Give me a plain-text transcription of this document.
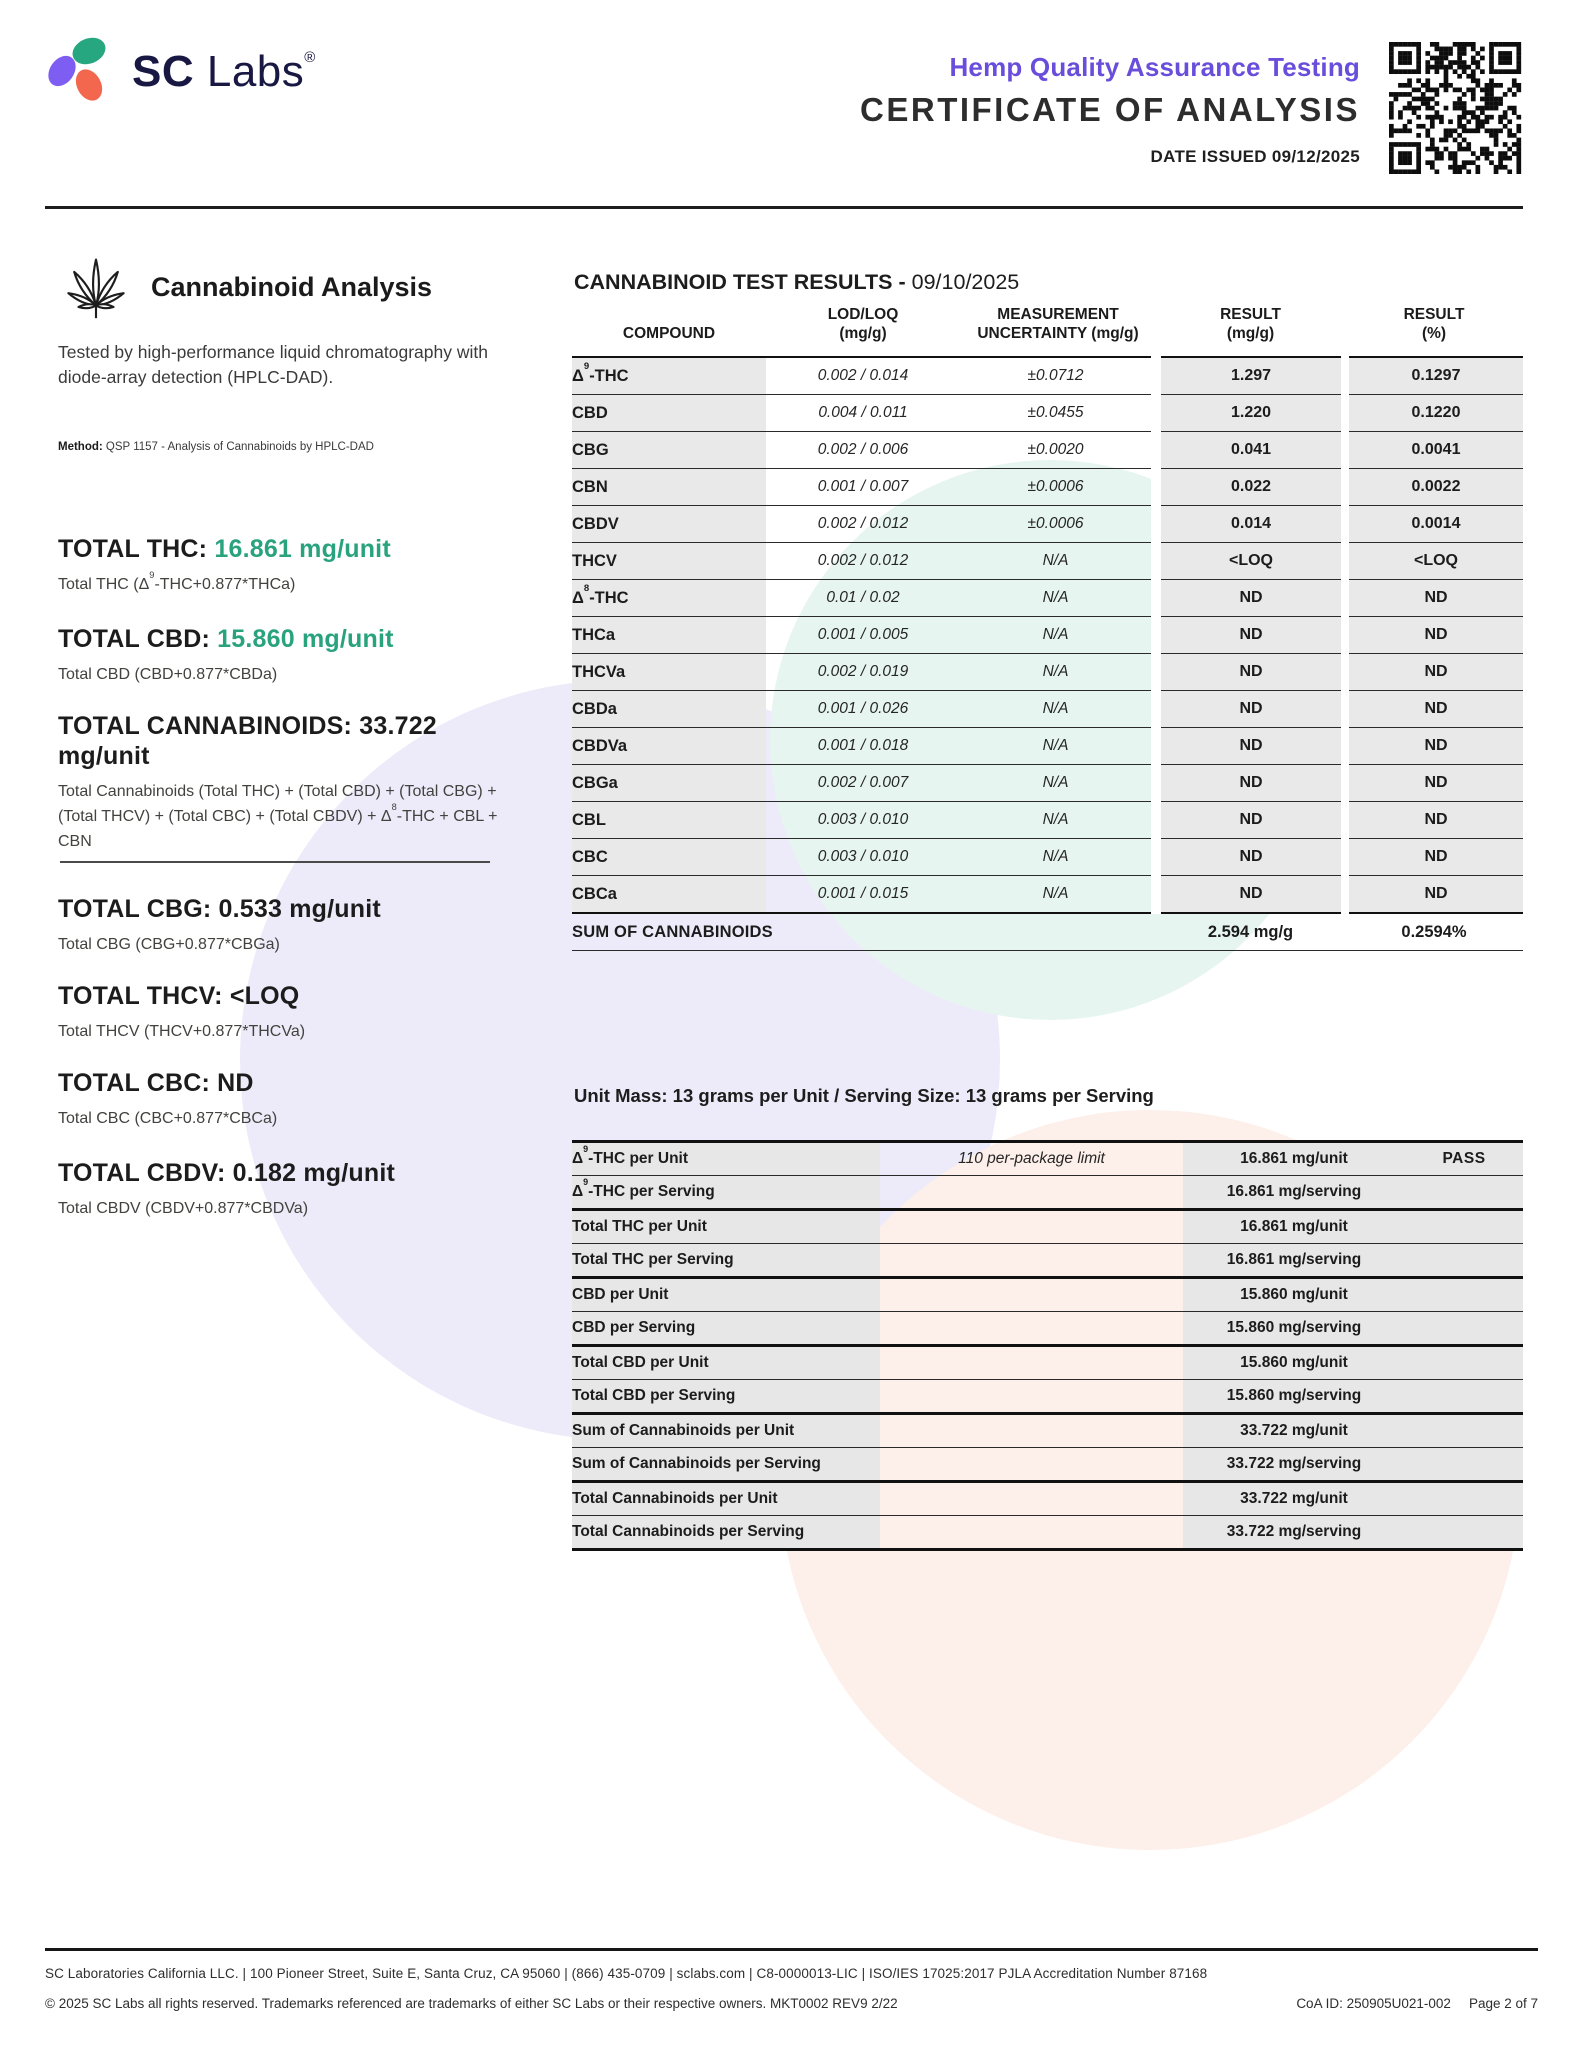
SC Labs®	Hemp Quality Assurance Testing
CERTIFICATE OF ANALYSIS
DATE ISSUED 09/12/2025
Cannabinoid Analysis
Tested by high-performance liquid chromatography with diode-array detection (HPLC-DAD).
Method: QSP 1157 - Analysis of Cannabinoids by HPLC-DAD
TOTAL THC: 16.861 mg/unit
Total THC $(\Delta^9-THC+0.877*THCa)$
TOTAL CBD: 15.860 mg/unit
Total CBD (CBD+0.877*CBDa)
TOTAL CANNABINOIDS: 33.722 mg/unit
Total Cannabinoids (Total THC) + (Total CBD) + (Total CBG) + (Total THCV) + (Total CBC) + (Total CBDV) + $\Delta^8$-THC + CBL + CBN
TOTAL CBG: 0.533 mg/unit
Total CBG (CBG+0.877*CBGa)
TOTAL THCV: <LOQ
Total THCV (THCV+0.877*THCVa)
TOTAL CBC: ND
Total CBC (CBC+0.877*CBCa)
TOTAL CBDV: 0.182 mg/unit
Total CBDV (CBDV+0.877*CBDVa)
CANNABINOID TEST RESULTS - 09/10/2025
COMPOUND

LOD/LOQ
(mg/g)

MEASUREMENT
UNCERTAINTY (mg/g)

RESULT
(mg/g)

RESULT
(%)

$\Delta^9$-THC	0.002 / 0.014	±0.0712	1.297	0.1297
CBD	0.004 / 0.011	±0.0455	1.220	0.1220
CBG	0.002 / 0.006	±0.0020	0.041	0.0041
CBN	0.001 / 0.007	±0.0006	0.022	0.0022
CBDV	0.002 / 0.012	±0.0006	0.014	0.0014
THCV	0.002 / 0.012	N/A	<LOQ	<LOQ
$\Delta^8$-THC	0.01 / 0.02	N/A	ND	ND
THCa	0.001 / 0.005	N/A	ND	ND
THCVa	0.002 / 0.019	N/A	ND	ND
CBDa	0.001 / 0.026	N/A	ND	ND
CBDVa	0.001 / 0.018	N/A	ND	ND
CBGa	0.002 / 0.007	N/A	ND	ND
CBL	0.003 / 0.010	N/A	ND	ND
CBC	0.003 / 0.010	N/A	ND	ND
CBCa	0.001 / 0.015	N/A	ND	ND
SUM OF CANNABINOIDS			2.594 mg/g	0.2594%
Unit Mass: 13 grams per Unit / Serving Size: 13 grams per Serving
$\Delta^9$-THC per Unit	110 per-package limit	16.861 mg/unit	PASS
$\Delta^9$-THC per Serving		16.861 mg/serving	
Total THC per Unit		16.861 mg/unit	
Total THC per Serving		16.861 mg/serving	
CBD per Unit		15.860 mg/unit	
CBD per Serving		15.860 mg/serving	
Total CBD per Unit		15.860 mg/unit	
Total CBD per Serving		15.860 mg/serving	
Sum of Cannabinoids per Unit		33.722 mg/unit	
Sum of Cannabinoids per Serving		33.722 mg/serving	
Total Cannabinoids per Unit		33.722 mg/unit	
Total Cannabinoids per Serving		33.722 mg/serving	
SC Laboratories California LLC. | 100 Pioneer Street, Suite E, Santa Cruz, CA 95060 | (866) 435-0709 | sclabs.com | C8-0000013-LIC | ISO/IES 17025:2017 PJLA Accreditation Number 87168
© 2025 SC Labs all rights reserved. Trademarks referenced are trademarks of either SC Labs or their respective owners. MKT0002 REV9 2/22	CoA ID: 250905U021-002 Page 2 of 7
